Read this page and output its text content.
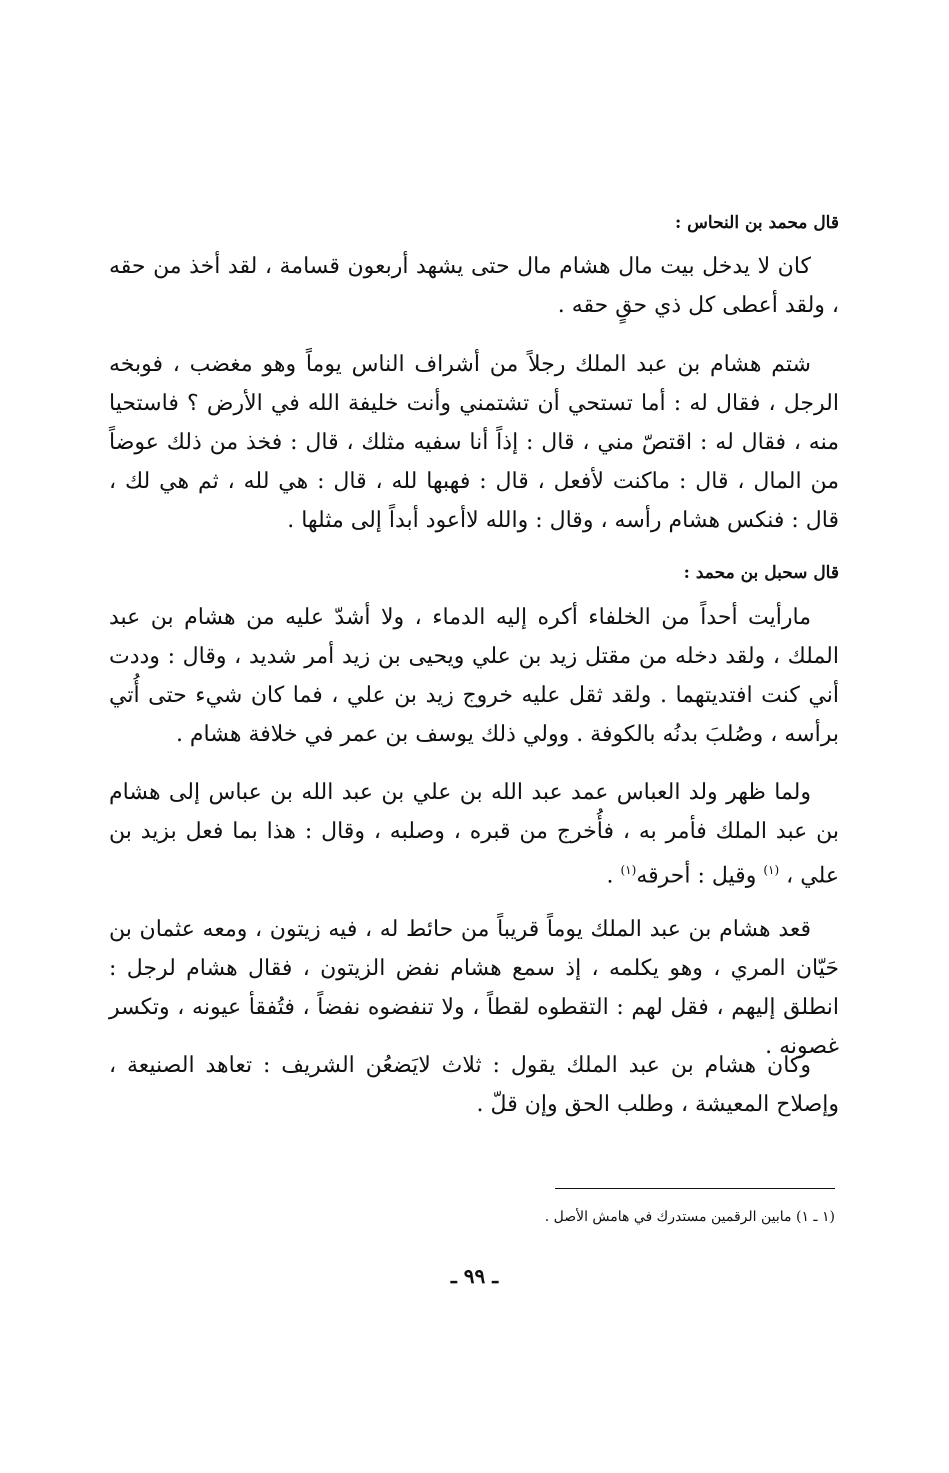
قال محمد بن النحاس :
كان لا يدخل بيت مال هشام مال حتى يشهد أربعون قسامة ، لقد أخذ من حقه ، ولقد أعطى كل ذي حقٍ حقه .
شتم هشام بن عبد الملك رجلاً من أشراف الناس يوماً وهو مغضب ، فوبخه الرجل ، فقال له : أما تستحي أن تشتمني وأنت خليفة الله في الأرض ؟ فاستحيا منه ، فقال له : اقتصّ مني ، قال : إذاً أنا سفيه مثلك ، قال : فخذ من ذلك عوضاً من المال ، قال : ماكنت لأفعل ، قال : فهبها لله ، قال : هي لله ، ثم هي لك ، قال : فنكس هشام رأسه ، وقال : والله لاأعود أبداً إلى مثلها .
قال سحبل بن محمد :
مارأيت أحداً من الخلفاء أكره إليه الدماء ، ولا أشدّ عليه من هشام بن عبد الملك ، ولقد دخله من مقتل زيد بن علي ويحيى بن زيد أمر شديد ، وقال : وددت أني كنت افتديتهما . ولقد ثقل عليه خروج زيد بن علي ، فما كان شيء حتى أُتي برأسه ، وصُلبَ بدنُه بالكوفة . وولي ذلك يوسف بن عمر في خلافة هشام .
ولما ظهر ولد العباس عمد عبد الله بن علي بن عبد الله بن عباس إلى هشام بن عبد الملك فأمر به ، فأُخرج من قبره ، وصلبه ، وقال : هذا بما فعل بزيد بن علي ، $^{(١)}$ وقيل : أحرقه$^{(١)}$ .
قعد هشام بن عبد الملك يوماً قريباً من حائط له ، فيه زيتون ، ومعه عثمان بن حَيّان المري ، وهو يكلمه ، إذ سمع هشام نفض الزيتون ، فقال هشام لرجل : انطلق إليهم ، فقل لهم : التقطوه لقطاً ، ولا تنفضوه نفضاً ، فتُفقأ عيونه ، وتكسر غصونه .
وكان هشام بن عبد الملك يقول : ثلاث لايَضعُن الشريف : تعاهد الصنيعة ، وإصلاح المعيشة ، وطلب الحق وإن قلّ .
(١ ـ ١) مابين الرقمين مستدرك في هامش الأصل .
ـ ٩٩ ـ
